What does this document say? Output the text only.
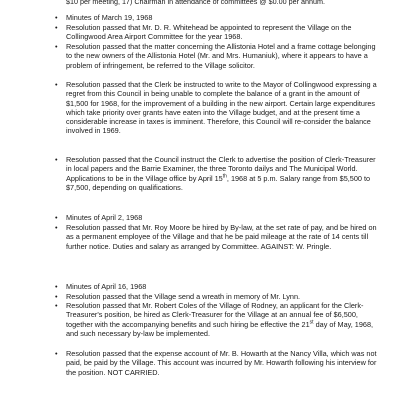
$10 per meeting, 17) Chairman in attendance of committees @ $0.00 per annum.
• Minutes of March 19, 1968
• Resolution passed that Mr. D. R. Whitehead be appointed to represent the Village on the Collingwood Area Airport Committee for the year 1968.
• Resolution passed that the matter concerning the Allistonia Hotel and a frame cottage belonging to the new owners of the Allistonia Hotel (Mr. and Mrs. Humaniuk), where it appears to have a problem of infringement, be referred to the Village solicitor.
• Resolution passed that the Clerk be instructed to write to the Mayor of Collingwood expressing a regret from this Council in being unable to complete the balance of a grant in the amount of $1,500 for 1968, for the improvement of a building in the new airport. Certain large expenditures which take priority over grants have eaten into the Village budget, and at the present time a considerable increase in taxes is imminent. Therefore, this Council will re-consider the balance involved in 1969.
• Resolution passed that the Council instruct the Clerk to advertise the position of Clerk-Treasurer in local papers and the Barrie Examiner, the three Toronto dailys and The Municipal World. Applications to be in the Village office by April 15th, 1968 at 5 p.m. Salary range from $5,500 to $7,500, depending on qualifications.
• Minutes of April 2, 1968
• Resolution passed that Mr. Roy Moore be hired by By-law, at the set rate of pay, and be hired on as a permanent employee of the Village and that he be paid mileage at the rate of 14 cents till further notice. Duties and salary as arranged by Committee. AGAINST: W. Pringle.
• Minutes of April 16, 1968
• Resolution passed that the Village send a wreath in memory of Mr. Lynn.
• Resolution passed that Mr. Robert Coles of the Village of Rodney, an applicant for the Clerk-Treasurer's position, be hired as Clerk-Treasurer for the Village at an annual fee of $6,500, together with the accompanying benefits and such hiring be effective the 21st day of May, 1968, and such necessary by-law be implemented.
• Resolution passed that the expense account of Mr. B. Howarth at the Nancy Villa, which was not paid, be paid by the Village. This account was incurred by Mr. Howarth following his interview for the position. NOT CARRIED.
